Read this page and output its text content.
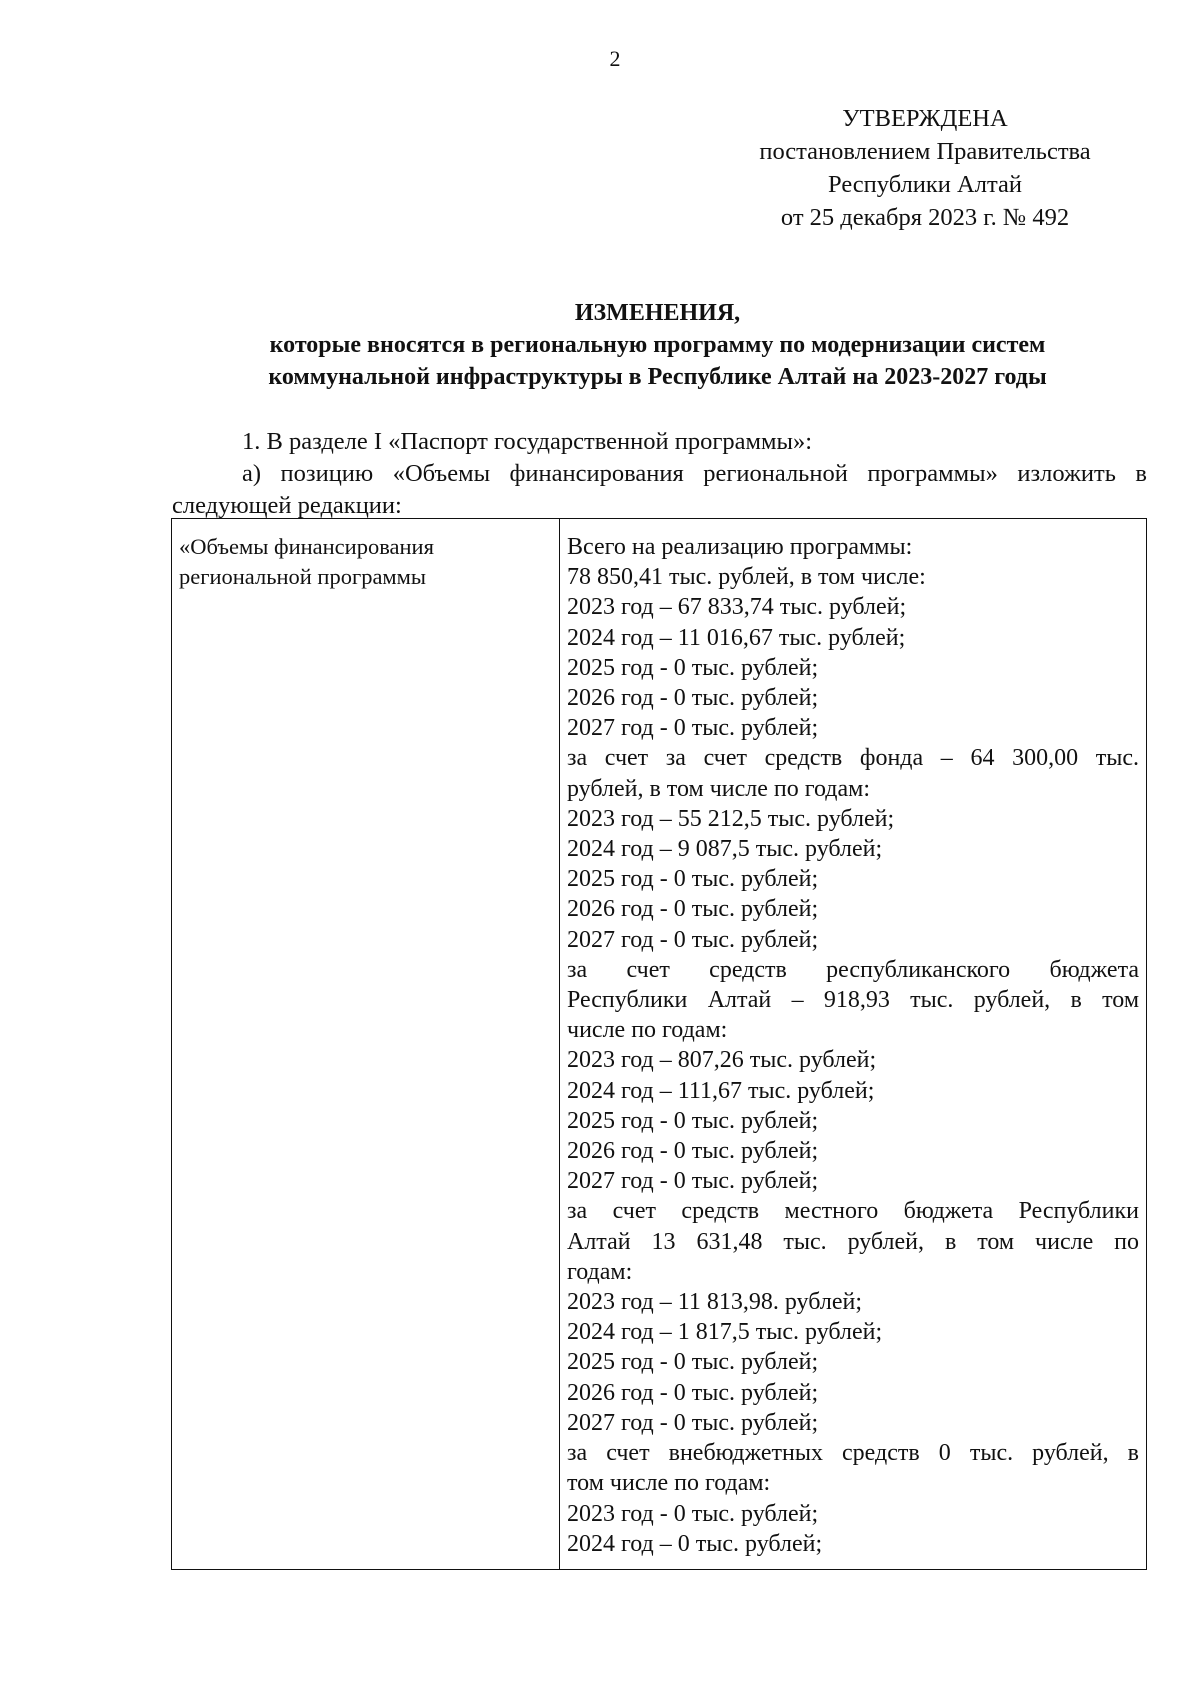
2
УТВЕРЖДЕНА
постановлением Правительства
Республики Алтай
от 25 декабря 2023 г. № 492
ИЗМЕНЕНИЯ,
которые вносятся в региональную программу по модернизации систем
коммунальной инфраструктуры в Республике Алтай на 2023-2027 годы
1. В разделе I «Паспорт государственной программы»:
а) позицию «Объемы финансирования региональной программы» изложить в следующей редакции:
«Объемы финансирования
региональной программы
Всего на реализацию программы:
78 850,41 тыс. рублей, в том числе:
2023 год – 67 833,74 тыс. рублей;
2024 год – 11 016,67 тыс. рублей;
2025 год - 0 тыс. рублей;
2026 год - 0 тыс. рублей;
2027 год - 0 тыс. рублей;
за счет за счет средств фонда – 64 300,00 тыс.
рублей, в том числе по годам:
2023 год – 55 212,5 тыс. рублей;
2024 год – 9 087,5 тыс. рублей;
2025 год - 0 тыс. рублей;
2026 год - 0 тыс. рублей;
2027 год - 0 тыс. рублей;
за счет средств республиканского бюджета
Республики Алтай – 918,93 тыс. рублей, в том
числе по годам:
2023 год – 807,26 тыс. рублей;
2024 год – 111,67 тыс. рублей;
2025 год - 0 тыс. рублей;
2026 год - 0 тыс. рублей;
2027 год - 0 тыс. рублей;
за счет средств местного бюджета Республики
Алтай 13 631,48 тыс. рублей, в том числе по
годам:
2023 год – 11 813,98. рублей;
2024 год – 1 817,5 тыс. рублей;
2025 год - 0 тыс. рублей;
2026 год - 0 тыс. рублей;
2027 год - 0 тыс. рублей;
за счет внебюджетных средств 0 тыс. рублей, в
том числе по годам:
2023 год - 0 тыс. рублей;
2024 год – 0 тыс. рублей;
